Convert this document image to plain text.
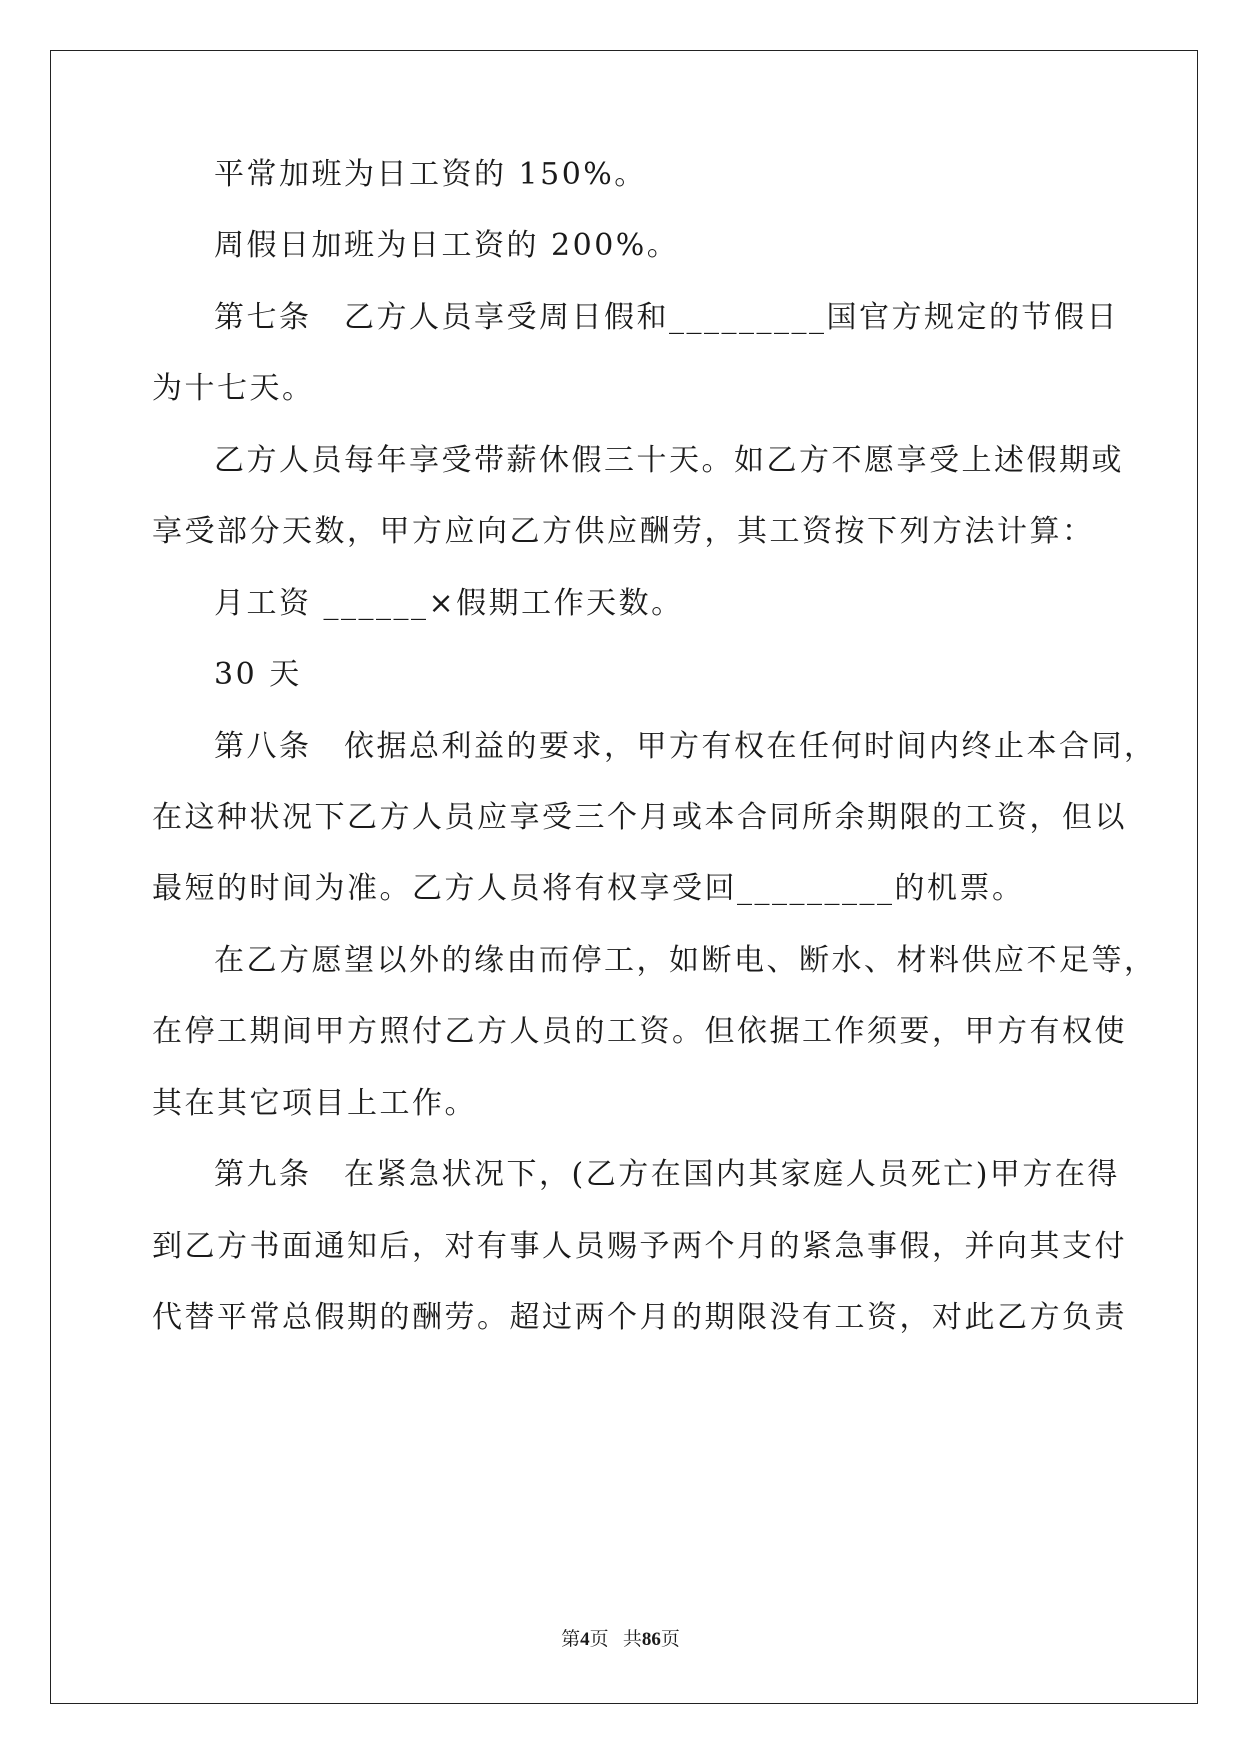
平常加班为日工资的 150%。
周假日加班为日工资的 200%。
第七条　乙方人员享受周日假和_________国官方规定的节假日
为十七天。
乙方人员每年享受带薪休假三十天。如乙方不愿享受上述假期或
享受部分天数，甲方应向乙方供应酬劳，其工资按下列方法计算：
月工资 ______×假期工作天数。
30 天
第八条　依据总利益的要求，甲方有权在任何时间内终止本合同，
在这种状况下乙方人员应享受三个月或本合同所余期限的工资，但以
最短的时间为准。乙方人员将有权享受回_________的机票。
在乙方愿望以外的缘由而停工，如断电、断水、材料供应不足等，
在停工期间甲方照付乙方人员的工资。但依据工作须要，甲方有权使
其在其它项目上工作。
第九条　在紧急状况下，(乙方在国内其家庭人员死亡)甲方在得
到乙方书面通知后，对有事人员赐予两个月的紧急事假，并向其支付
代替平常总假期的酬劳。超过两个月的期限没有工资，对此乙方负责
第4页 共86页
